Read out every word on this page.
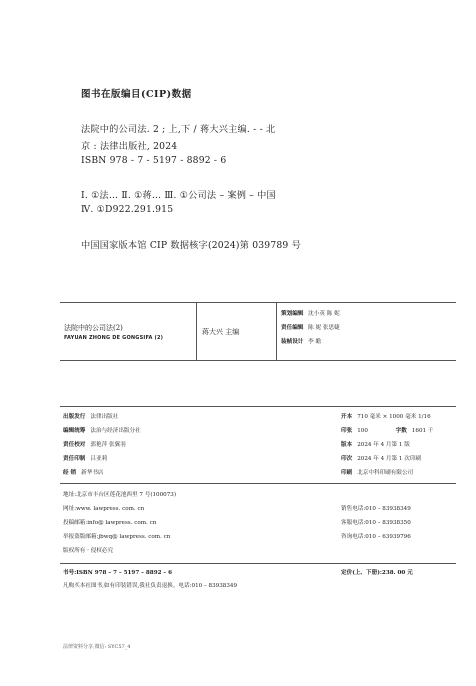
图书在版编目(CIP)数据
法院中的公司法. 2 ; 上,下 / 蒋大兴主编. - - 北
京 : 法律出版社, 2024
ISBN 978 - 7 - 5197 - 8892 - 6
Ⅰ. ①法… Ⅱ. ①蒋… Ⅲ. ①公司法 – 案例 – 中国
Ⅳ. ①D922.291.915
中国国家版本馆 CIP 数据核字(2024)第 039789 号
法院中的公司法(2)
FAYUAN ZHONG DE GONGSIFA (2)
蒋大兴 主编
策划编辑 沈小英 陈 妮
责任编辑 陈 妮 张思婕
装帧设计 李 瞻
出版发行 法律出版社
编辑统筹 法治与经济出版分社
责任校对 郭艳萍 张翼羽
责任印制 吕亚莉
经 销 新华书店
开本 710 毫米 × 1000 毫米 1/16
印张 100	字数 1601 千
版本 2024 年 4 月第 1 版
印次 2024 年 4 月第 1 次印刷
印刷 北京中科印刷有限公司
地址:北京市丰台区莲花池西里 7 号(100073)
网址:www. lawpress. com. cn
投稿邮箱:info@ lawpress. com. cn
举报盗版邮箱:jbwq@ lawpress. com. cn
版权所有 · 侵权必究
销售电话:010 – 83938349
客服电话:010 – 83938350
咨询电话:010 – 63939796
书号:ISBN 978 – 7 – 5197 – 8892 – 6	定价(上、下册):238. 00 元
凡购买本社图书,如有印装错误,我社负责退换。电话:010 – 83938349
法律资料分享,微信: SYC57_4
